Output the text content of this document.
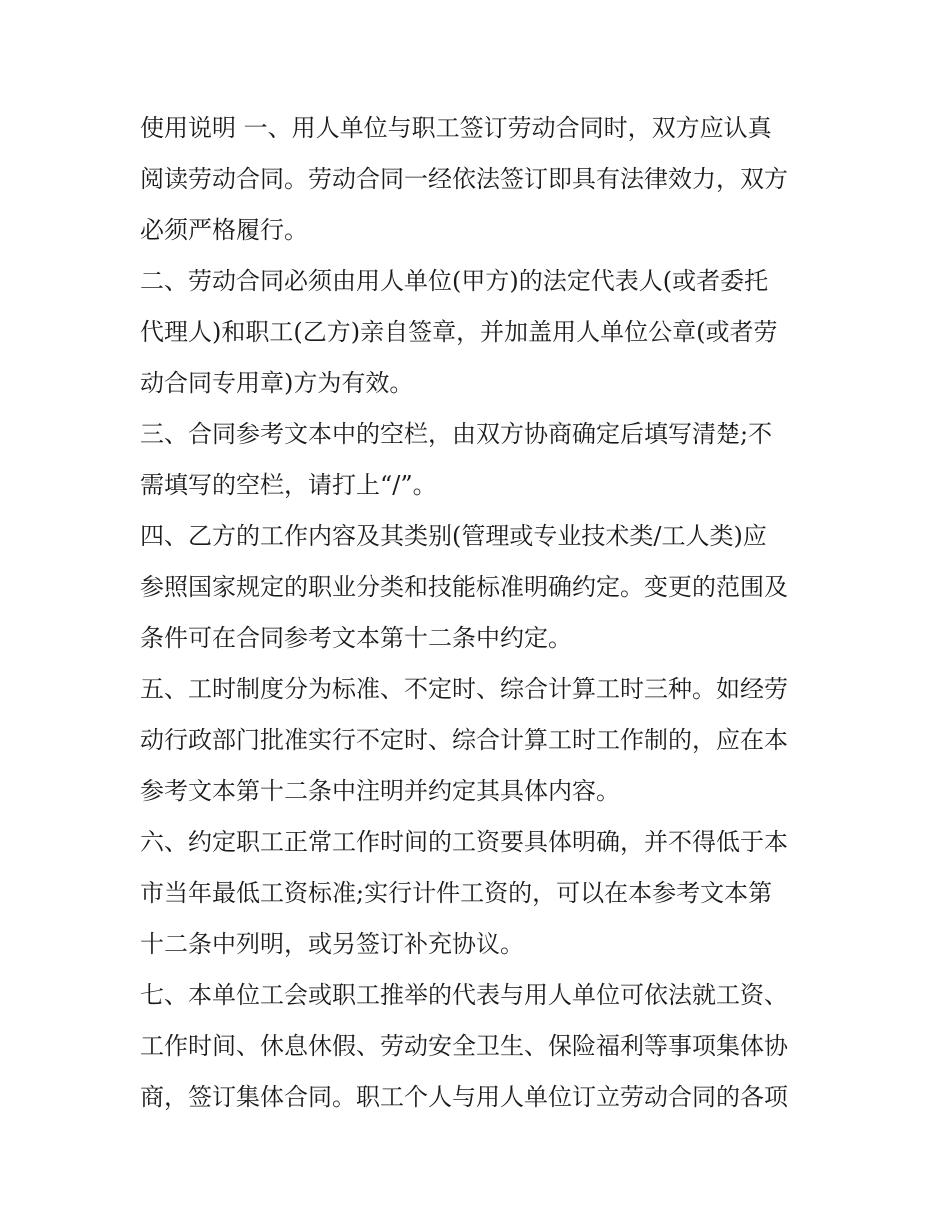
使用说明 一、用人单位与职工签订劳动合同时，双方应认真
阅读劳动合同。劳动合同一经依法签订即具有法律效力，双方
必须严格履行。
二、劳动合同必须由用人单位(甲方)的法定代表人(或者委托
代理人)和职工(乙方)亲自签章，并加盖用人单位公章(或者劳
动合同专用章)方为有效。
三、合同参考文本中的空栏，由双方协商确定后填写清楚;不
需填写的空栏，请打上“/”。
四、乙方的工作内容及其类别(管理或专业技术类/工人类)应
参照国家规定的职业分类和技能标准明确约定。变更的范围及
条件可在合同参考文本第十二条中约定。
五、工时制度分为标准、不定时、综合计算工时三种。如经劳
动行政部门批准实行不定时、综合计算工时工作制的，应在本
参考文本第十二条中注明并约定其具体内容。
六、约定职工正常工作时间的工资要具体明确，并不得低于本
市当年最低工资标准;实行计件工资的，可以在本参考文本第
十二条中列明，或另签订补充协议。
七、本单位工会或职工推举的代表与用人单位可依法就工资、
工作时间、休息休假、劳动安全卫生、保险福利等事项集体协
商，签订集体合同。职工个人与用人单位订立劳动合同的各项
